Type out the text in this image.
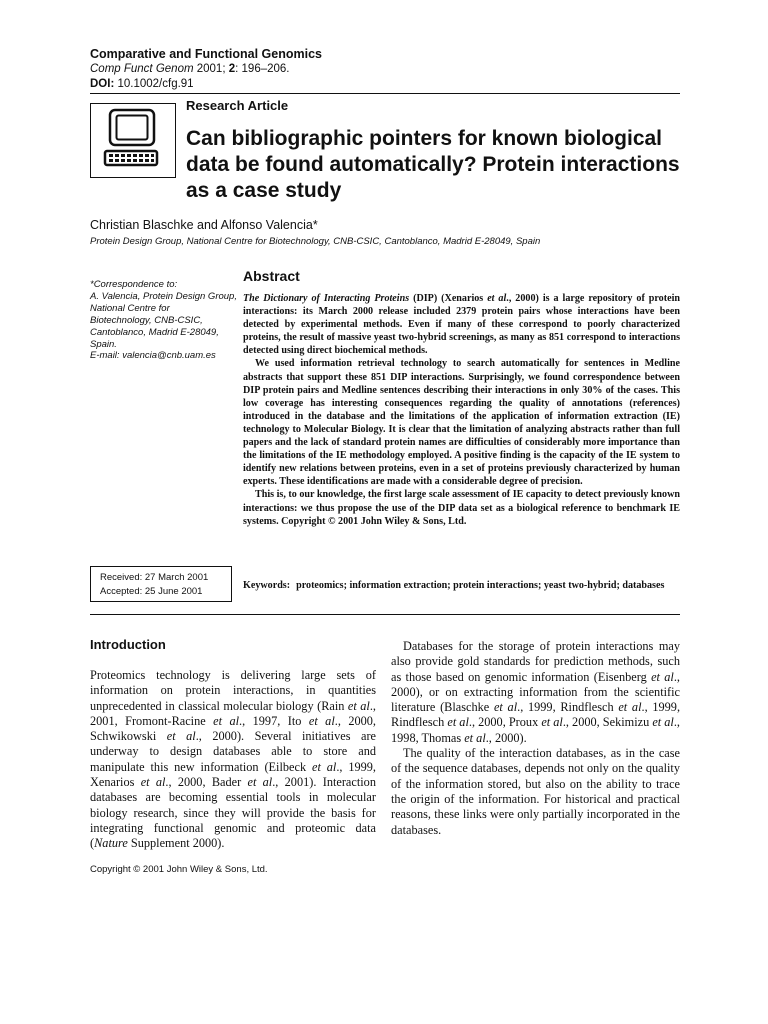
Comparative and Functional Genomics
Comp Funct Genom 2001; 2: 196–206.
DOI: 10.1002/cfg.91
Research Article
Can bibliographic pointers for known biological data be found automatically? Protein interactions as a case study
Christian Blaschke and Alfonso Valencia*
Protein Design Group, National Centre for Biotechnology, CNB-CSIC, Cantoblanco, Madrid E-28049, Spain
*Correspondence to:
A. Valencia, Protein Design Group,
National Centre for
Biotechnology, CNB-CSIC,
Cantoblanco, Madrid E-28049,
Spain.
E-mail: valencia@cnb.uam.es
Received: 27 March 2001
Accepted: 25 June 2001
Abstract

The Dictionary of Interacting Proteins (DIP) (Xenarios et al., 2000) is a large repository of protein interactions: its March 2000 release included 2379 protein pairs whose interactions have been detected by experimental methods. Even if many of these correspond to poorly characterized proteins, the result of massive yeast two-hybrid screenings, as many as 851 correspond to interactions detected using direct biochemical methods.

We used information retrieval technology to search automatically for sentences in Medline abstracts that support these 851 DIP interactions. Surprisingly, we found correspondence between DIP protein pairs and Medline sentences describing their interactions in only 30% of the cases. This low coverage has interesting consequences regarding the quality of annotations (references) introduced in the database and the limitations of the application of information extraction (IE) technology to Molecular Biology. It is clear that the limitation of analyzing abstracts rather than full papers and the lack of standard protein names are difficulties of considerably more importance than the limitations of the IE methodology employed. A positive finding is the capacity of the IE system to identify new relations between proteins, even in a set of proteins previously characterized by human experts. These identifications are made with a considerable degree of precision.

This is, to our knowledge, the first large scale assessment of IE capacity to detect previously known interactions: we thus propose the use of the DIP data set as a biological reference to benchmark IE systems. Copyright © 2001 John Wiley & Sons, Ltd.

Keywords: proteomics; information extraction; protein interactions; yeast two-hybrid; databases
Introduction

Proteomics technology is delivering large sets of information on protein interactions, in quantities unprecedented in classical molecular biology (Rain et al., 2001, Fromont-Racine et al., 1997, Ito et al., 2000, Schwikowski et al., 2000). Several initiatives are underway to design databases able to store and manipulate this new information (Eilbeck et al., 1999, Xenarios et al., 2000, Bader et al., 2001). Interaction databases are becoming essential tools in molecular biology research, since they will provide the basis for integrating functional genomic and proteomic data (Nature Supplement 2000).

Databases for the storage of protein interactions may also provide gold standards for prediction methods, such as those based on genomic information (Eisenberg et al., 2000), or on extracting information from the scientific literature (Blaschke et al., 1999, Rindflesch et al., 1999, Rindflesch et al., 2000, Proux et al., 2000, Sekimizu et al., 1998, Thomas et al., 2000).

The quality of the interaction databases, as in the case of the sequence databases, depends not only on the quality of the information stored, but also on the ability to trace the origin of the information. For historical and practical reasons, these links were only partially incorporated in the databases.

Copyright © 2001 John Wiley & Sons, Ltd.
